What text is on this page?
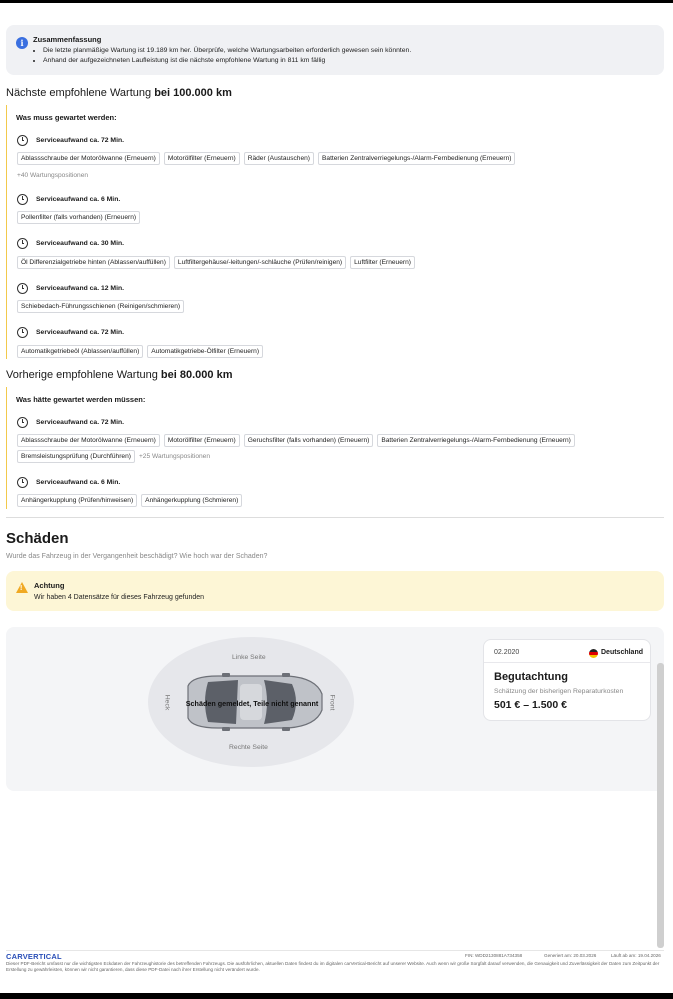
i	Zusammenfassung
• Die letzte planmäßige Wartung ist 19.189 km her. Überprüfe, welche Wartungsarbeiten erforderlich gewesen sein könnten.
• Anhand der aufgezeichneten Laufleistung ist die nächste empfohlene Wartung in 811 km fällig
Nächste empfohlene Wartung bei 100.000 km
Was muss gewartet werden:
Serviceaufwand ca. 72 Min.
Ablassschraube der Motorölwanne (Erneuern)	Motorölfilter (Erneuern)	Räder (Austauschen)	Batterien Zentralverriegelungs-/Alarm-Fernbedienung (Erneuern)
+40 Wartungspositionen
Serviceaufwand ca. 6 Min.
Pollenfilter (falls vorhanden) (Erneuern)
Serviceaufwand ca. 30 Min.
Öl Differenzialgetriebe hinten (Ablassen/auffüllen)	Luftfiltergehäuse/-leitungen/-schläuche (Prüfen/reinigen)	Luftfilter (Erneuern)
Serviceaufwand ca. 12 Min.
Schiebedach-Führungsschienen (Reinigen/schmieren)
Serviceaufwand ca. 72 Min.
Automatikgetriebeöl (Ablassen/auffüllen)	Automatikgetriebe-Ölfilter (Erneuern)
Vorherige empfohlene Wartung bei 80.000 km
Was hätte gewartet werden müssen:
Serviceaufwand ca. 72 Min.
Ablassschraube der Motorölwanne (Erneuern)	Motorölfilter (Erneuern)	Geruchsfilter (falls vorhanden) (Erneuern)	Batterien Zentralverriegelungs-/Alarm-Fernbedienung (Erneuern)
Bremsleistungsprüfung (Durchführen)	+25 Wartungspositionen
Serviceaufwand ca. 6 Min.
Anhängerkupplung (Prüfen/hinweisen)	Anhängerkupplung (Schmieren)
Schäden
Wurde das Fahrzeug in der Vergangenheit beschädigt? Wie hoch war der Schaden?
! Achtung
Wir haben 4 Datensätze für dieses Fahrzeug gefunden
Linke Seite
Rechte Seite
Heck	Front
Schäden gemeldet, Teile nicht genannt
02.2020	Deutschland
Begutachtung
Schätzung der bisherigen Reparaturkosten
501 € – 1.500 €
CARVERTICAL	FIN: WDD2130881A734358	Generiert am: 20.03.2026	Läuft ab am: 19.04.2026
Dieser PDF-Bericht umfasst nur die wichtigsten Eckdaten der Fahrzeughistorie des betreffenden Fahrzeugs. Die ausführlichen, aktuellen Daten findest du im digitalen carVertical-Bericht auf unserer Website. Auch wenn wir große Sorgfalt darauf verwenden, die Genauigkeit und Zuverlässigkeit der Daten zum Zeitpunkt der Erstellung zu gewährleisten, können wir nicht garantieren, dass diese PDF-Datei nach ihrer Erstellung nicht verändert wurde.
AUTOVIT.RO
